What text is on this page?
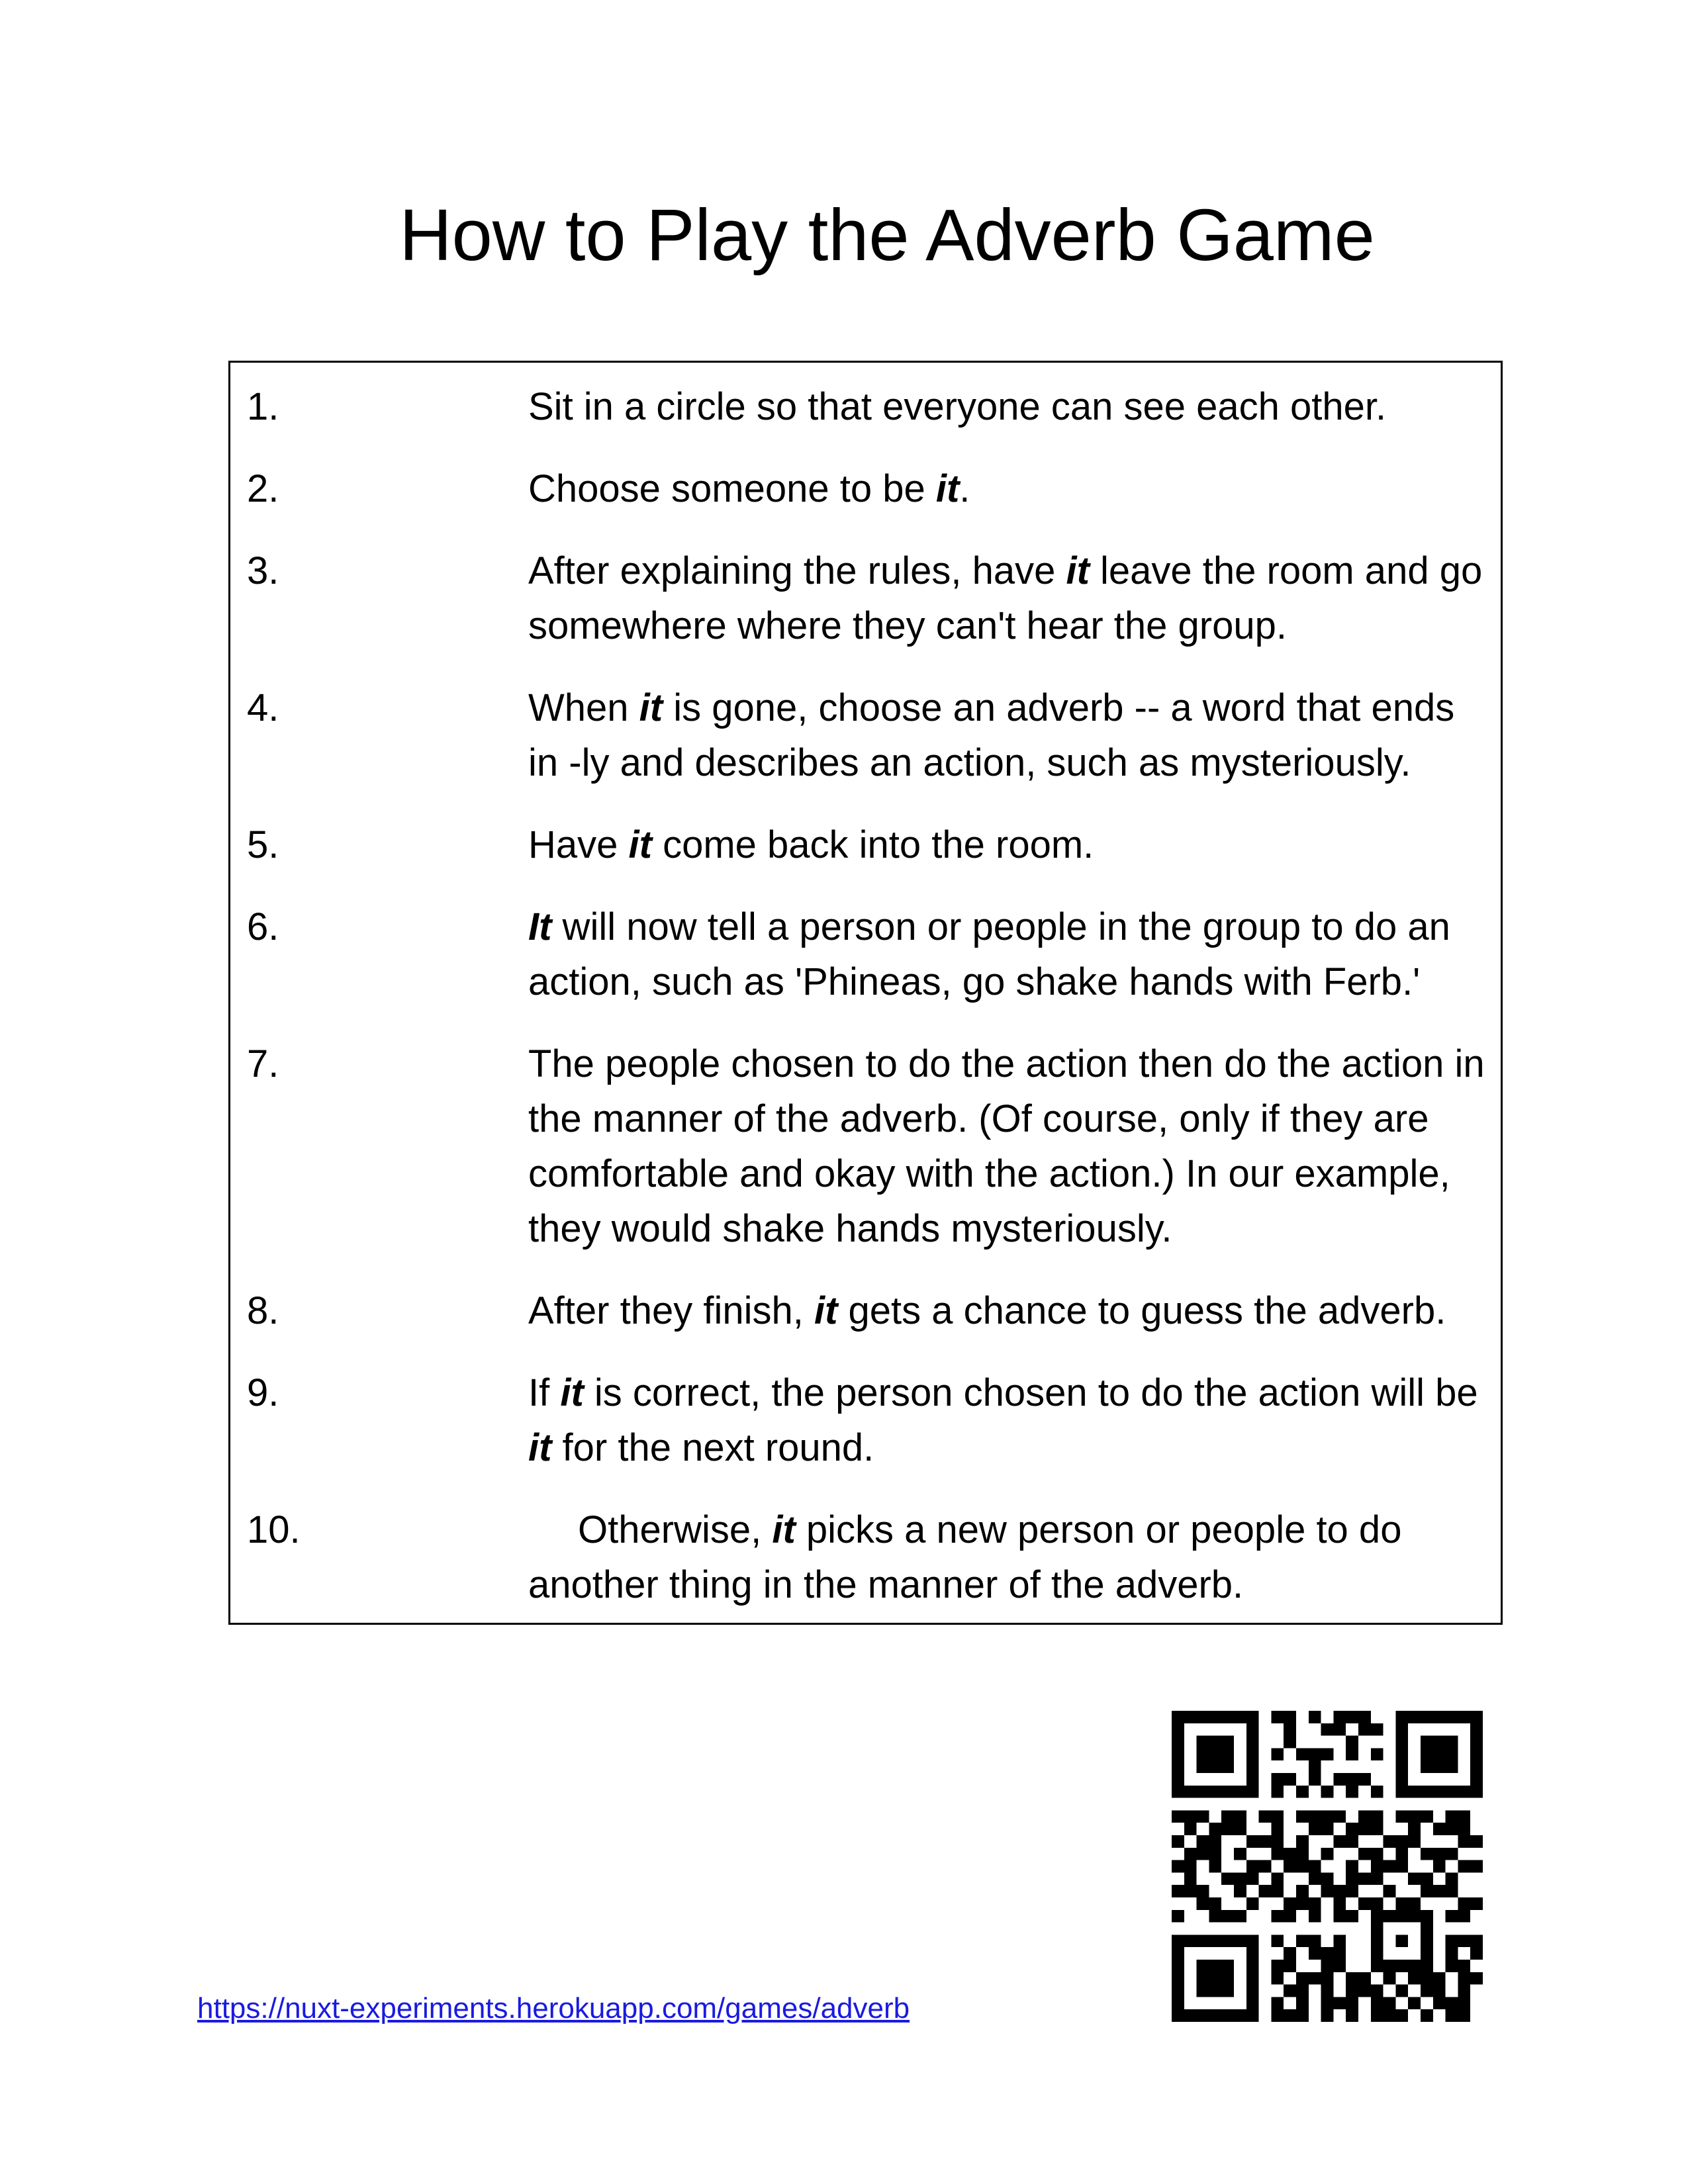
How to Play the Adverb Game
1.	Sit in a circle so that everyone can see each other.
2.	Choose someone to be it.
3.	After explaining the rules, have it leave the room and go somewhere where they can't hear the group.
4.	When it is gone, choose an adverb -- a word that ends in -ly and describes an action, such as mysteriously.
5.	Have it come back into the room.
6.	It will now tell a person or people in the group to do an action, such as 'Phineas, go shake hands with Ferb.'
7.	The people chosen to do the action then do the action in the manner of the adverb. (Of course, only if they are comfortable and okay with the action.) In our example, they would shake hands mysteriously.
8.	After they finish, it gets a chance to guess the adverb.
9.	If it is correct, the person chosen to do the action will be it for the next round.
10.	Otherwise, it picks a new person or people to do another thing in the manner of the adverb.
https://nuxt-experiments.herokuapp.com/games/adverb
